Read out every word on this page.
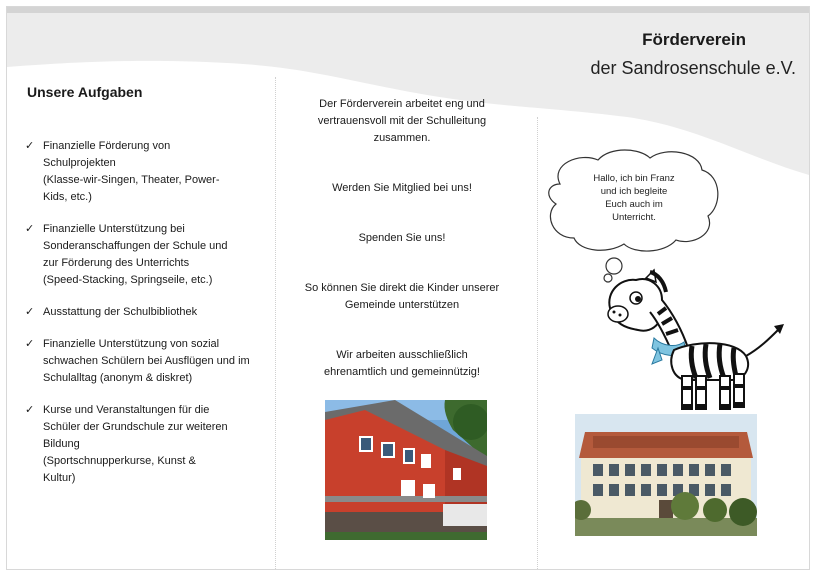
Förderverein
der Sandrosenschule e.V.
Unsere Aufgaben
✓ Finanzielle Förderung von
Schulprojekten
(Klasse-wir-Singen, Theater, Power-
Kids, etc.)
✓ Finanzielle Unterstützung bei
Sonderanschaffungen der Schule und
zur Förderung des Unterrichts
(Speed-Stacking, Springseile, etc.)
✓ Ausstattung der Schulbibliothek
✓ Finanzielle Unterstützung von sozial
schwachen Schülern bei Ausflügen und im
Schulalltag (anonym & diskret)
✓ Kurse und Veranstaltungen für die
Schüler der Grundschule zur weiteren
Bildung
(Sportschnupperkurse, Kunst &
Kultur)

Der Förderverein arbeitet eng und
vertrauensvoll mit der Schulleitung
zusammen.

Werden Sie Mitglied bei uns!

Spenden Sie uns!

So können Sie direkt die Kinder unserer
Gemeinde unterstützen

Wir arbeiten ausschließlich
ehrenamtlich und gemeinnützig!

Hallo, ich bin Franz
und ich begleite
Euch auch im
Unterricht.
